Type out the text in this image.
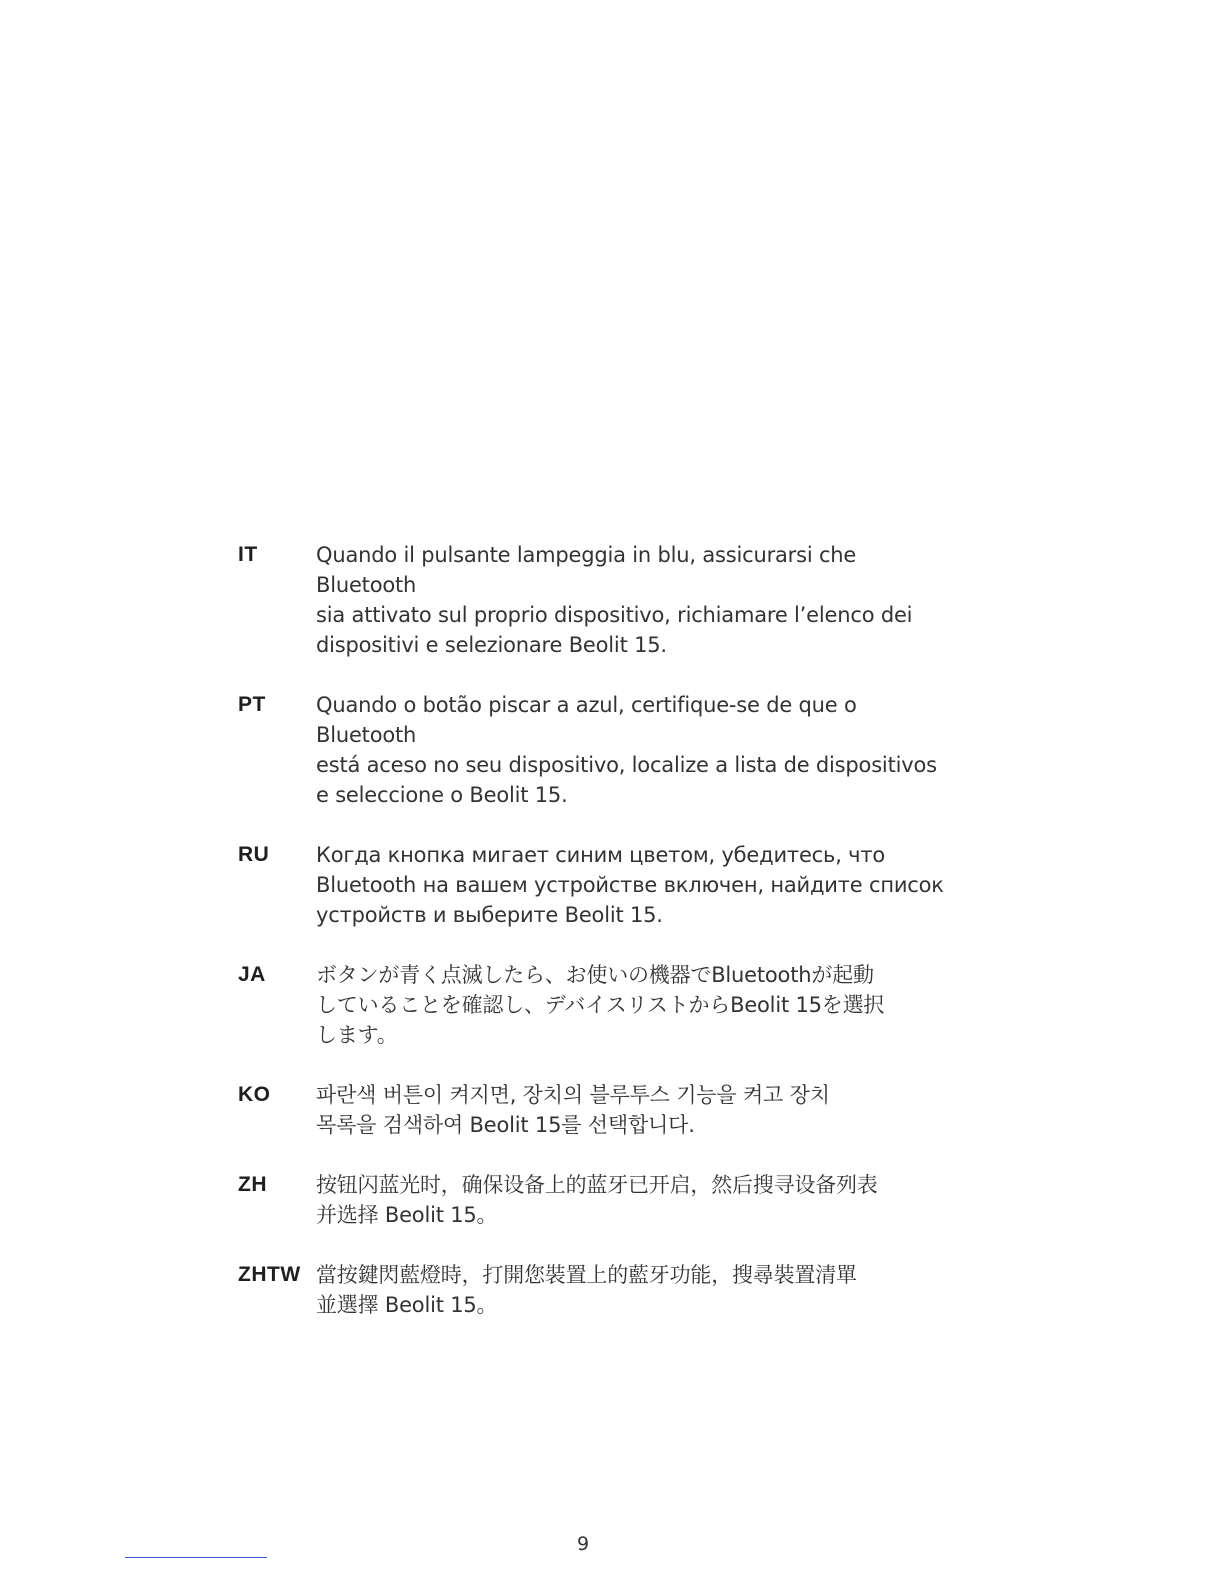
IT	Quando il pulsante lampeggia in blu, assicurarsi che Bluetooth
sia attivato sul proprio dispositivo, richiamare l’elenco dei
dispositivi e selezionare Beolit 15.
PT	Quando o botão piscar a azul, certifique-se de que o Bluetooth
está aceso no seu dispositivo, localize a lista de dispositivos
e seleccione o Beolit 15.
RU	Когда кнопка мигает синим цветом, убедитесь, что
Bluetooth на вашем устройстве включен, найдите список
устройств и выберите Beolit 15.
JA	ボタンが青く点滅したら、お使いの機器でBluetoothが起動
していることを確認し、デバイスリストからBeolit 15を選択
します。
KO	파란색 버튼이 켜지면, 장치의 블루투스 기능을 켜고 장치
목록을 검색하여 Beolit 15를 선택합니다.
ZH	按钮闪蓝光时，确保设备上的蓝牙已开启，然后搜寻设备列表
并选择 Beolit 15。
ZHTW 當按鍵閃藍燈時，打開您裝置上的藍牙功能，搜尋裝置清單
並選擇 Beolit 15。
9
